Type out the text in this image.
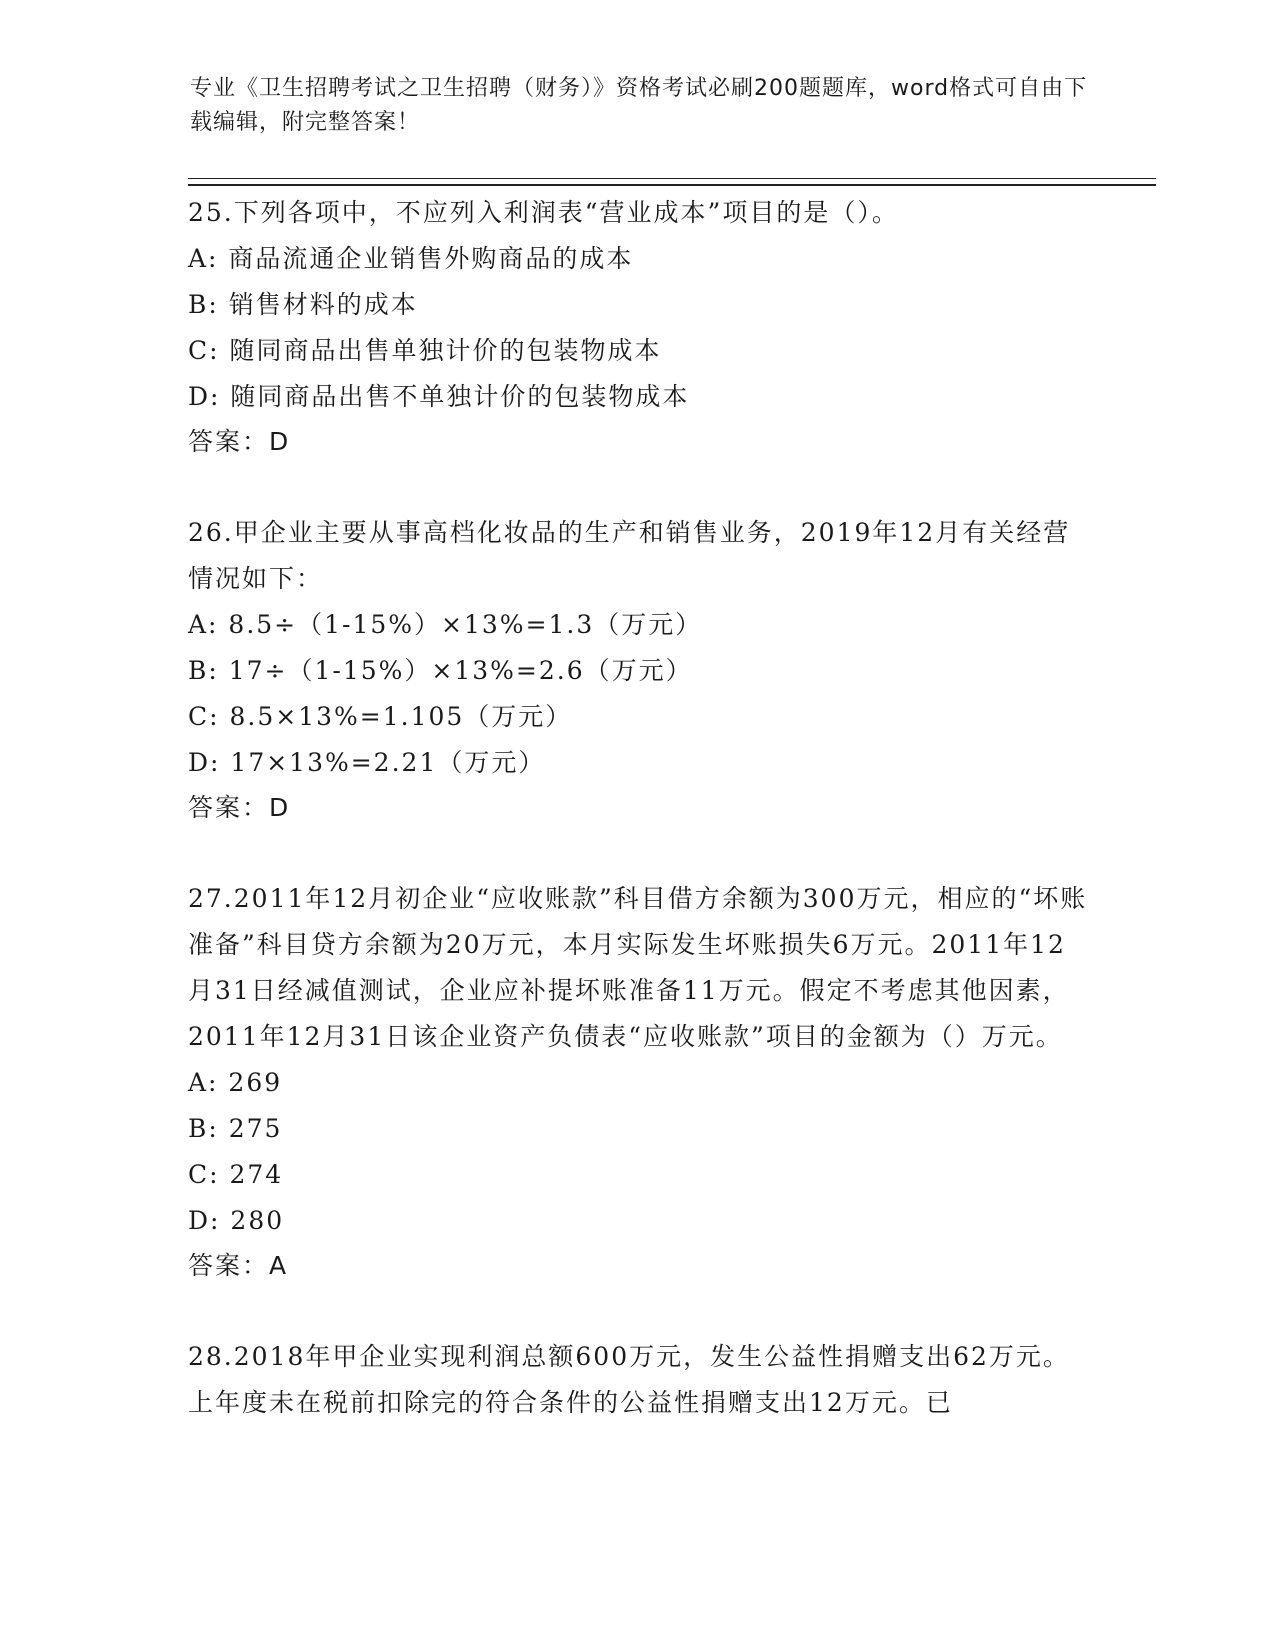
专业《卫生招聘考试之卫生招聘（财务）》资格考试必刷200题题库，word格式可自由下载编辑，附完整答案！

25.下列各项中，不应列入利润表“营业成本”项目的是（）。

A: 商品流通企业销售外购商品的成本

B: 销售材料的成本

C: 随同商品出售单独计价的包装物成本

D: 随同商品出售不单独计价的包装物成本

答案：D

26.甲企业主要从事高档化妆品的生产和销售业务，2019年12月有关经营情况如下：

A: 8.5÷（1-15%）×13%=1.3（万元）

B: 17÷（1-15%）×13%=2.6（万元）

C: 8.5×13%=1.105（万元）

D: 17×13%=2.21（万元）

答案：D

27.2011年12月初企业“应收账款”科目借方余额为300万元，相应的“坏账准备”科目贷方余额为20万元，本月实际发生坏账损失6万元。2011年12月31日经减值测试，企业应补提坏账准备11万元。假定不考虑其他因素，2011年12月31日该企业资产负债表“应收账款”项目的金额为（）万元。

A: 269

B: 275

C: 274

D: 280

答案：A

28.2018年甲企业实现利润总额600万元，发生公益性捐赠支出62万元。上年度未在税前扣除完的符合条件的公益性捐赠支出12万元。已
